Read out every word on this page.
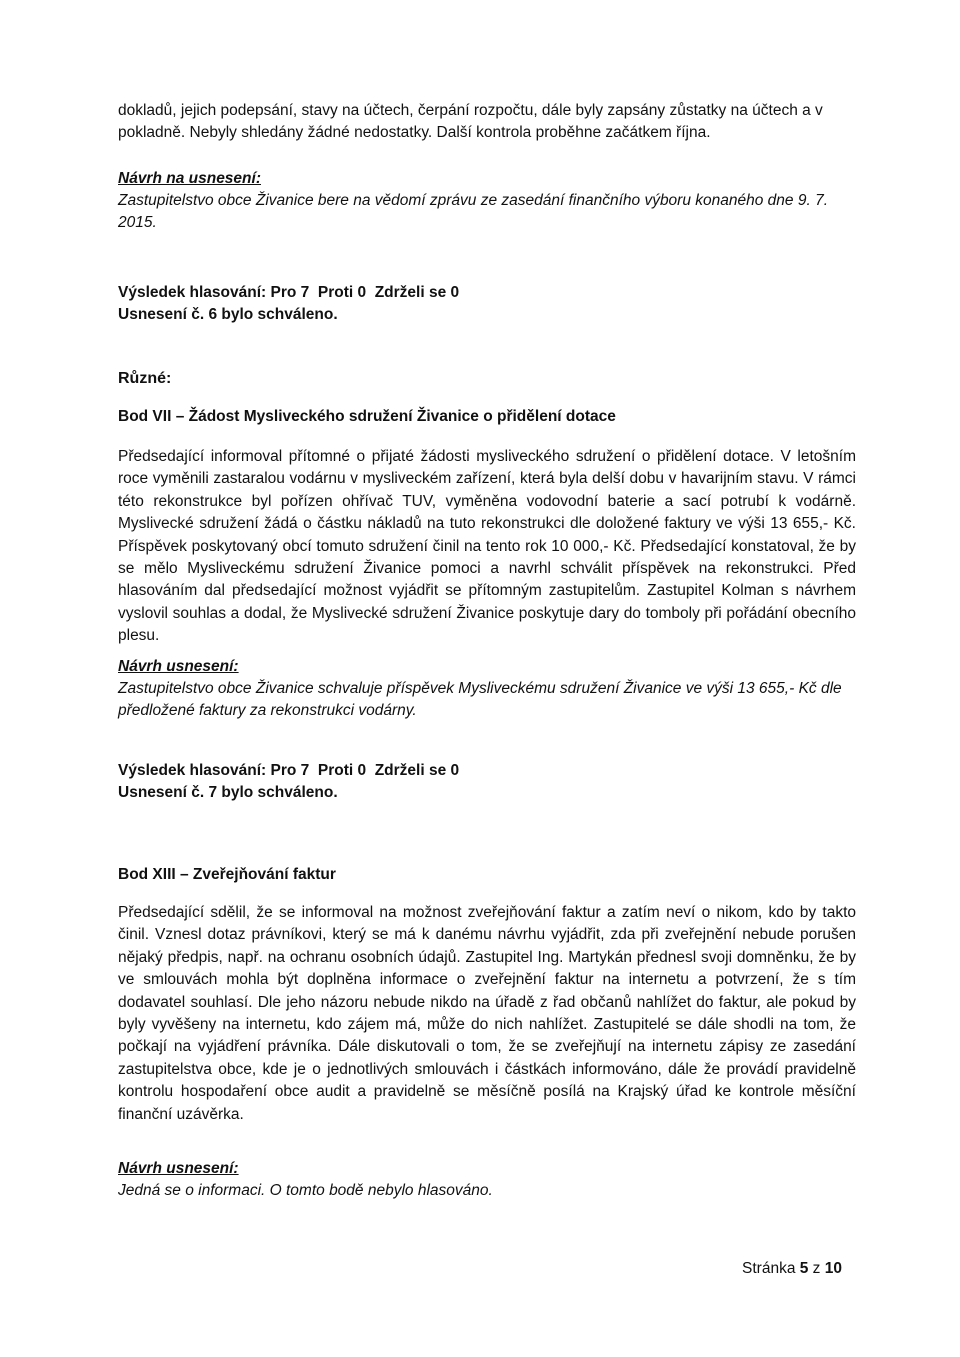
dokladů, jejich podepsání, stavy na účtech, čerpání rozpočtu, dále byly zapsány zůstatky na účtech a v pokladně. Nebyly shledány žádné nedostatky. Další kontrola proběhne začátkem října.

Návrh na usnesení:

Zastupitelstvo obce Živanice bere na vědomí zprávu ze zasedání finančního výboru konaného dne 9. 7. 2015.

Výsledek hlasování: Pro 7  Proti 0  Zdrželi se 0
Usnesení č. 6 bylo schváleno.
Různé:
Bod VII – Žádost Mysliveckého sdružení Živanice o přidělení dotace

Předsedající informoval přítomné o přijaté žádosti mysliveckého sdružení o přidělení dotace. V letošním roce vyměnili zastaralou vodárnu v mysliveckém zařízení, která byla delší dobu v havarijním stavu. V rámci této rekonstrukce byl pořízen ohřívač TUV, vyměněna vodovodní baterie a sací potrubí k vodárně. Myslivecké sdružení žádá o částku nákladů na tuto rekonstrukci dle doložené faktury ve výši 13 655,- Kč. Příspěvek poskytovaný obcí tomuto sdružení činil na tento rok 10 000,- Kč. Předsedající konstatoval, že by se mělo Mysliveckému sdružení Živanice pomoci a navrhl schválit příspěvek na rekonstrukci. Před hlasováním dal předsedající možnost vyjádřit se přítomným zastupitelům. Zastupitel Kolman s návrhem vyslovil souhlas a dodal, že Myslivecké sdružení Živanice poskytuje dary do tomboly při pořádání obecního plesu.

Návrh usnesení:

Zastupitelstvo obce Živanice schvaluje příspěvek Mysliveckému sdružení Živanice ve výši 13 655,- Kč dle předložené faktury za rekonstrukci vodárny.

Výsledek hlasování: Pro 7  Proti 0  Zdrželi se 0
Usnesení č. 7 bylo schváleno.
Bod XIII – Zveřejňování faktur

Předsedající sdělil, že se informoval na možnost zveřejňování faktur a zatím neví o nikom, kdo by takto činil. Vznesl dotaz právníkovi, který se má k danému návrhu vyjádřit, zda při zveřejnění nebude porušen nějaký předpis, např. na ochranu osobních údajů. Zastupitel Ing. Martykán přednesl svoji domněnku, že by ve smlouvách mohla být doplněna informace o zveřejnění faktur na internetu a potvrzení, že s tím dodavatel souhlasí. Dle jeho názoru nebude nikdo na úřadě z řad občanů nahlížet do faktur, ale pokud by byly vyvěšeny na internetu, kdo zájem má, může do nich nahlížet. Zastupitelé se dále shodli na tom, že počkají na vyjádření právníka. Dále diskutovali o tom, že se zveřejňují na internetu zápisy ze zasedání zastupitelstva obce, kde je o jednotlivých smlouvách i částkách informováno, dále že provádí pravidelně kontrolu hospodaření obce audit a pravidelně se měsíčně posílá na Krajský úřad ke kontrole měsíční finanční uzávěrka.

Návrh usnesení:

Jedná se o informaci. O tomto bodě nebylo hlasováno.

Stránka 5 z 10
